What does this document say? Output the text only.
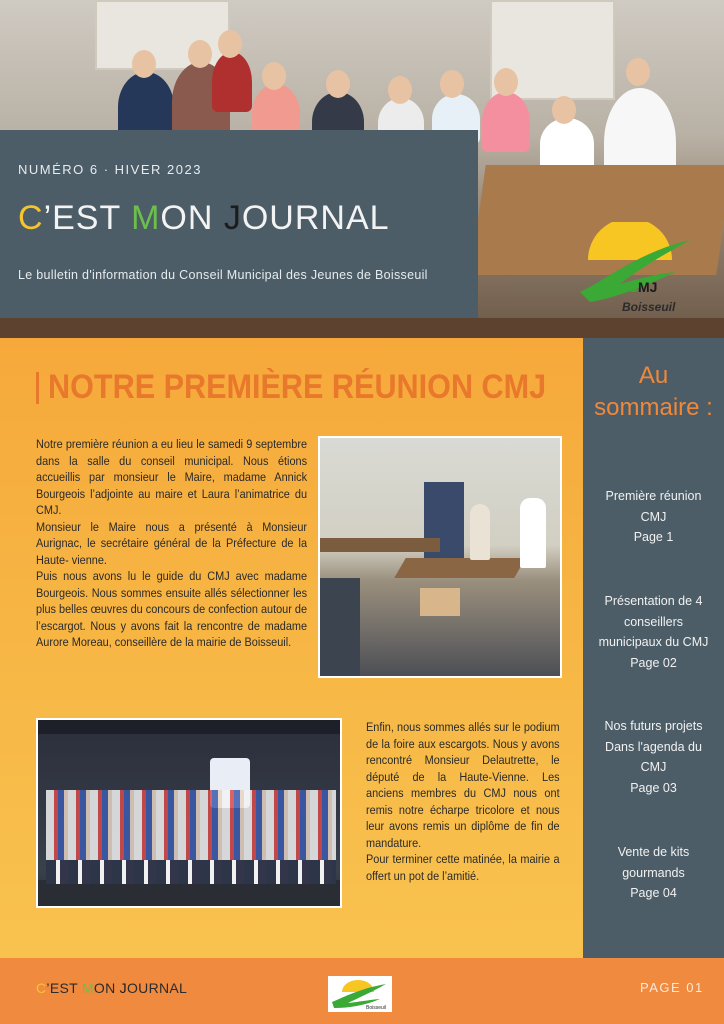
NUMÉRO 6 · HIVER 2023
C’EST MON JOURNAL
Le bulletin d'information du Conseil Municipal des Jeunes de Boisseuil
C MJ
Boisseuil
NOTRE PREMIÈRE RÉUNION CMJ

Notre première réunion a eu lieu le samedi 9 septembre dans la salle du conseil municipal. Nous étions accueillis par monsieur le Maire, madame Annick Bourgeois l’adjointe au maire et Laura l’animatrice du CMJ.

Monsieur le Maire nous a présenté à Monsieur Aurignac, le secrétaire général de la Préfecture de la Haute- vienne.

Puis nous avons lu le guide du CMJ avec madame Bourgeois. Nous sommes ensuite allés sélectionner les plus belles œuvres du concours de confection autour de l’escargot. Nous y avons fait la rencontre de madame Aurore Moreau, conseillère de la mairie de Boisseuil.

Enfin, nous sommes allés sur le podium de la foire aux escargots. Nous y avons rencontré Monsieur Delautrette, le député de la Haute-Vienne. Les anciens membres du CMJ nous ont remis notre écharpe tricolore et nous leur avons remis un diplôme de fin de mandature.

Pour terminer cette matinée, la mairie a offert un pot de l’amitié.

Au
sommaire :
Première réunion
CMJ
Page 1
Présentation de 4
conseillers
municipaux du CMJ
Page 02
Nos futurs projets
Dans l'agenda du
CMJ
Page 03
Vente de kits
gourmands
Page 04
C’EST MON JOURNAL
Boisseuil
PAGE 01
